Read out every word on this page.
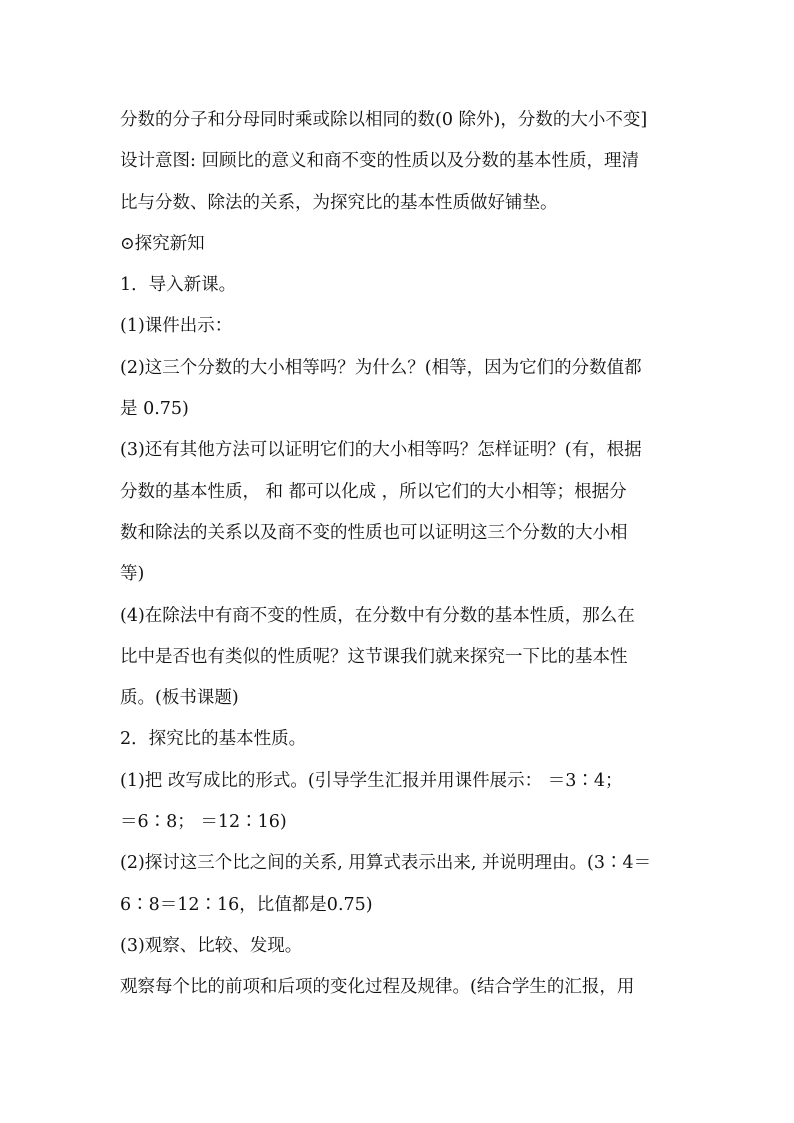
分数的分子和分母同时乘或除以相同的数(0 除外)，分数的大小不变]
设计意图: 回顾比的意义和商不变的性质以及分数的基本性质，理清
比与分数、除法的关系，为探究比的基本性质做好铺垫。
⊙探究新知
1．导入新课。
(1)课件出示：
(2)这三个分数的大小相等吗？为什么？(相等，因为它们的分数值都
是 0.75)
(3)还有其他方法可以证明它们的大小相等吗？怎样证明？(有，根据
分数的基本性质， 和 都可以化成 ，所以它们的大小相等；根据分
数和除法的关系以及商不变的性质也可以证明这三个分数的大小相
等)
(4)在除法中有商不变的性质，在分数中有分数的基本性质，那么在
比中是否也有类似的性质呢？这节课我们就来探究一下比的基本性
质。(板书课题)
2．探究比的基本性质。
(1)把 改写成比的形式。(引导学生汇报并用课件展示： ＝3∶4；
＝6∶8； ＝12∶16)
(2)探讨这三个比之间的关系, 用算式表示出来, 并说明理由。(3∶4＝
6∶8＝12∶16，比值都是0.75)
(3)观察、比较、发现。
观察每个比的前项和后项的变化过程及规律。(结合学生的汇报，用
